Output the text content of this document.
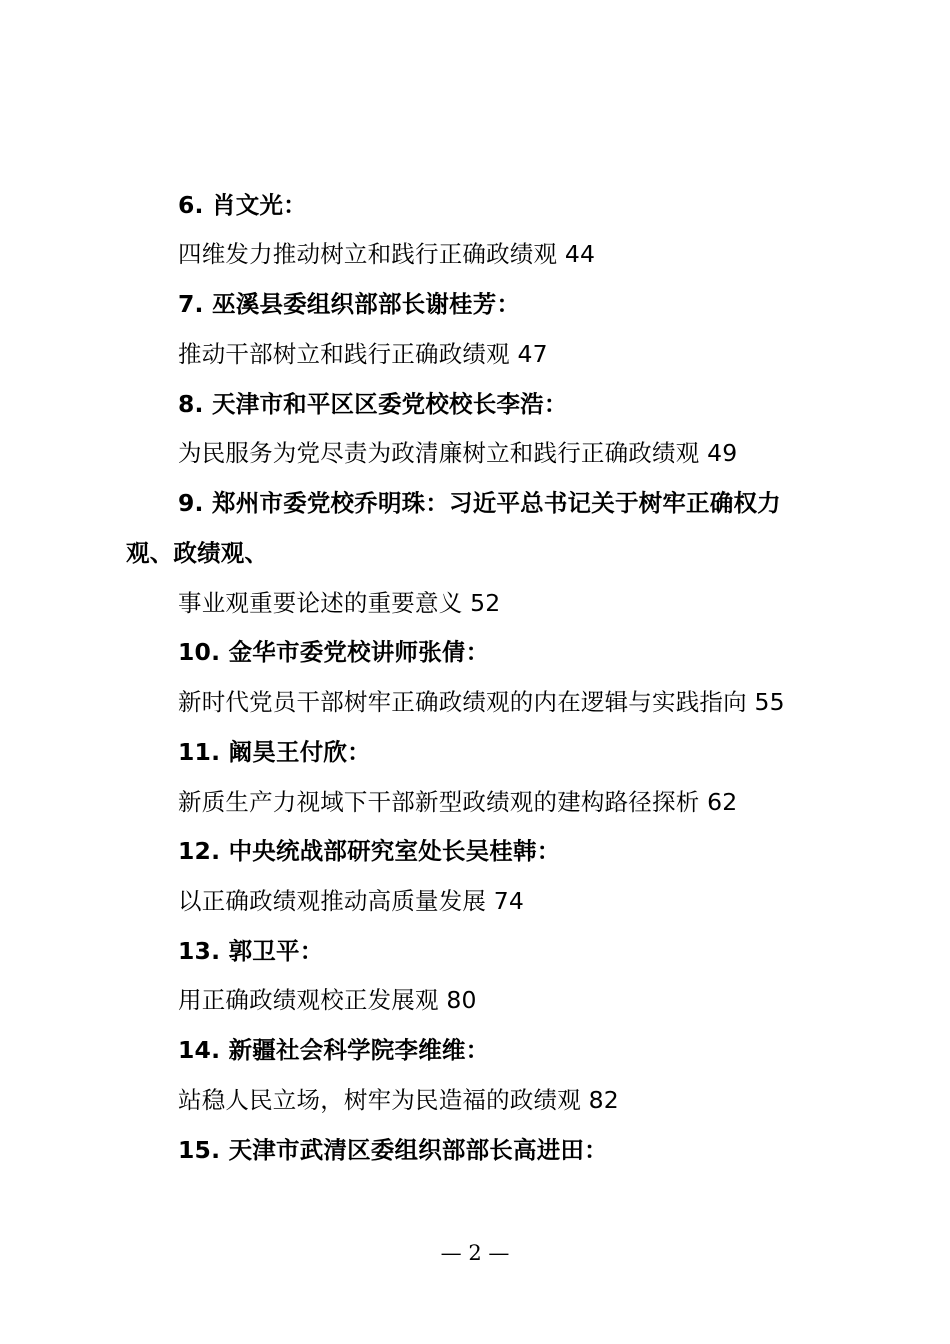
6. 肖文光：
四维发力推动树立和践行正确政绩观 44
7. 巫溪县委组织部部长谢桂芳：
推动干部树立和践行正确政绩观 47
8. 天津市和平区区委党校校长李浩：
为民服务为党尽责为政清廉树立和践行正确政绩观 49
9. 郑州市委党校乔明珠：习近平总书记关于树牢正确权力
观、政绩观、
事业观重要论述的重要意义 52
10. 金华市委党校讲师张倩：
新时代党员干部树牢正确政绩观的内在逻辑与实践指向 55
11. 阚昊王付欣：
新质生产力视域下干部新型政绩观的建构路径探析 62
12. 中央统战部研究室处长吴桂韩：
以正确政绩观推动高质量发展 74
13. 郭卫平：
用正确政绩观校正发展观 80
14. 新疆社会科学院李维维：
站稳人民立场，树牢为民造福的政绩观 82
15. 天津市武清区委组织部部长高进田：
— 2 —
